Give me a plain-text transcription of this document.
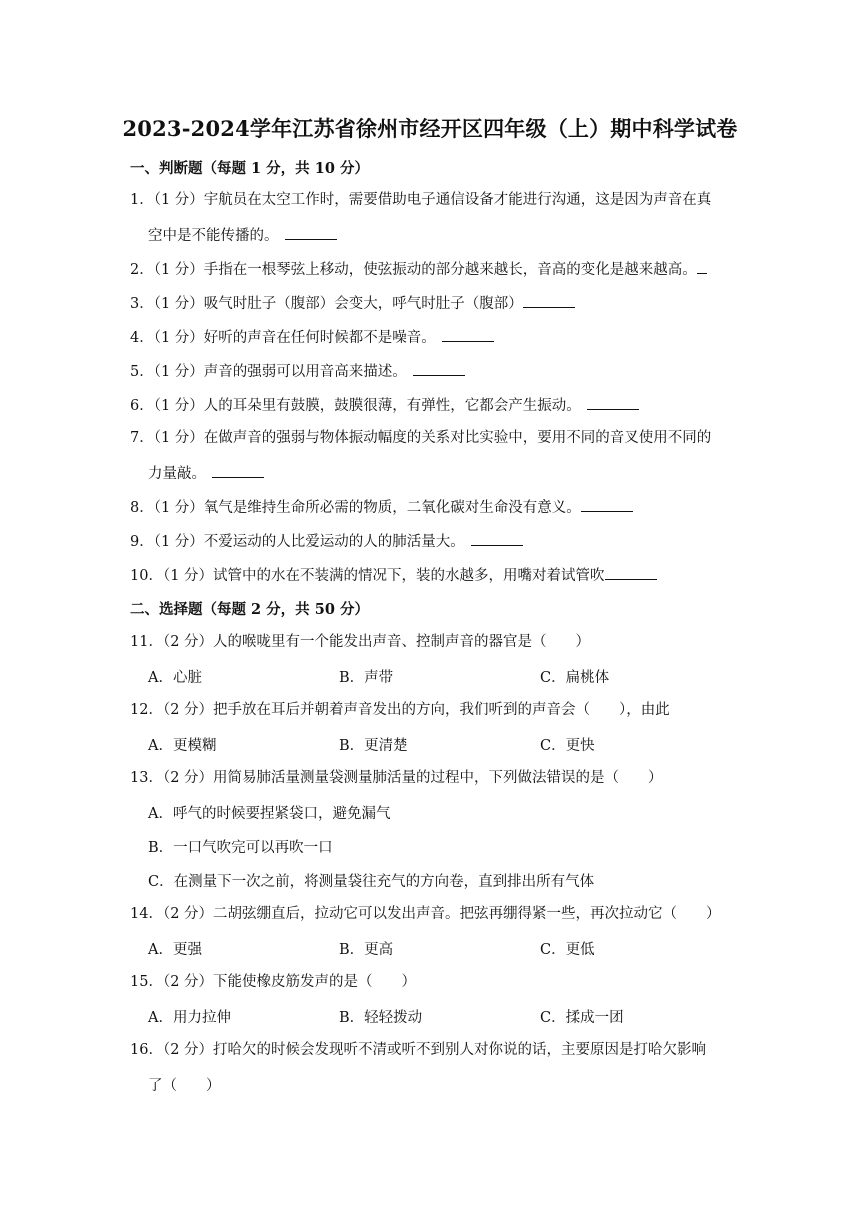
2023-2024学年江苏省徐州市经开区四年级（上）期中科学试卷
一、判断题（每题 1 分，共 10 分）
1．（1 分）宇航员在太空工作时，需要借助电子通信设备才能进行沟通，这是因为声音在真
空中是不能传播的。
2．（1 分）手指在一根琴弦上移动，使弦振动的部分越来越长，音高的变化是越来越高。
3．（1 分）吸气时肚子（腹部）会变大，呼气时肚子（腹部）
4．（1 分）好听的声音在任何时候都不是噪音。
5．（1 分）声音的强弱可以用音高来描述。
6．（1 分）人的耳朵里有鼓膜，鼓膜很薄，有弹性，它都会产生振动。
7．（1 分）在做声音的强弱与物体振动幅度的关系对比实验中，要用不同的音叉使用不同的
力量敲。
8．（1 分）氧气是维持生命所必需的物质，二氧化碳对生命没有意义。
9．（1 分）不爱运动的人比爱运动的人的肺活量大。
10．（1 分）试管中的水在不装满的情况下，装的水越多，用嘴对着试管吹
二、选择题（每题 2 分，共 50 分）
11．（2 分）人的喉咙里有一个能发出声音、控制声音的器官是（　　）
A．心脏	B．声带	C．扁桃体
12．（2 分）把手放在耳后并朝着声音发出的方向，我们听到的声音会（　　），由此
A．更模糊	B．更清楚	C．更快
13．（2 分）用简易肺活量测量袋测量肺活量的过程中，下列做法错误的是（　　）
A．呼气的时候要捏紧袋口，避免漏气
B．一口气吹完可以再吹一口
C．在测量下一次之前，将测量袋往充气的方向卷，直到排出所有气体
14．（2 分）二胡弦绷直后，拉动它可以发出声音。把弦再绷得紧一些，再次拉动它（　　）
A．更强	B．更高	C．更低
15．（2 分）下能使橡皮筋发声的是（　　）
A．用力拉伸	B．轻轻拨动	C．揉成一团
16．（2 分）打哈欠的时候会发现听不清或听不到别人对你说的话，主要原因是打哈欠影响
了（　　）
